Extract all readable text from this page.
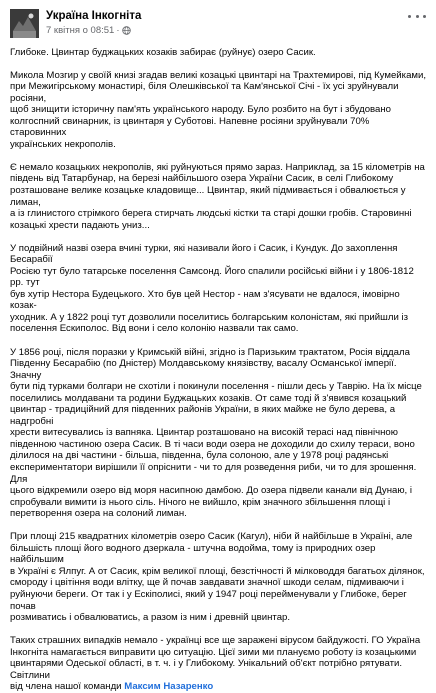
Україна Інкогніта
7 квітня о 08:51 ·

Глибоке. Цвинтар буджацьких козаків забирає (руйнує) озеро Сасик.

Микола Мозгир у своїй книзі згадав великі козацькі цвинтарі на Трахтемирові, під Кумейками,
при Межигірському монастирі, біля Олешківської та Кам'янської Січі - їх усі зруйнували росіяни,
щоб знищити історичну пам'ять українського народу. Було розбито на бут і збудовано
колгоспний свинарник, із цвинтаря у Суботові. Напевне росіяни зруйнували 70% старовинних
українських некрополів.

Є немало козацьких некрополів, які руйнуються прямо зараз. Наприклад, за 15 кілометрів на
південь від Татарбунар, на березі найбільшого озера України Сасик, в селі Глибокому
розташоване велике козацьке кладовище... Цвинтар, який підмивається і обвалюється у лиман,
а із глинистого стрімкого берега стирчать людські кістки та старі дошки гробів. Старовинні
козацькі хрести падають униз...

У подвійний назві озера вчині турки, які називали його і Сасик, і Кундук. До захоплення Бесарабії
Росією тут було татарське поселення Самсонд. Його спалили російські війни і у 1806-1812 рр. тут
був хутір Нестора Будецького. Хто був цей Нестор - нам з'ясувати не вдалося, імовірно козак-
уходник. А у 1822 році тут дозволили поселитись болгарським колоністам, які прийшли із
поселення Ескиполос. Від вони і село колонію назвали так само.

У 1856 році, після поразки у Кримській війні, згідно із Паризьким трактатом, Росія віддала
Південну Бесарабію (по Дністер) Молдавському князівству, васалу Османської імперії. Значну
бути під турками болгари не схотіли і покинули поселення - пішли десь у Таврію. На їх місце
поселились молдавани та родини Буджацьких козаків. От саме тоді й з'явився козацький
цвинтар - традиційний для південних районів України, в яких майже не було дерева, а надгробні
хрести витесувались із вапняка. Цвинтар розташовано на високій терасі над північною
південною частиною озера Сасик. В ті часи води озера не доходили до схилу тераси, воно
ділилося на дві частини - більша, південна, була солоною, але у 1978 році радянські
експериментатори вирішили її опріснити - чи то для розведення риби, чи то для зрошення. Для
цього відкремили озеро від моря насипною дамбою. До озера підвели канали від Дунаю, і
спробували вимити із нього сіль. Нічого не вийшло, крім значного збільшення площі і
перетворення озера на солоний лиман.

При площі 215 квадратних кілометрів озеро Сасик (Кагул), ніби й найбільше в Україні, але
більшість площі його водного дзеркала - штучна водойма, тому із природних озер найбільшим
в Україні є Ялпуг. А от Сасик, крім великої площі, безстічності й мілководдя багатьох ділянок,
смороду і цвітіння води влітку, ще й почав завдавати значної шкоди селам, підмиваючи і
руйнуючи береги. От так і у Ескіполисі, який у 1947 році перейменували у Глибоке, берег почав
розмиватись і обвалюватись, а разом із ним і древній цвинтар.

Таких страшних випадків немало - українці все ще заражені вірусом байдужості. ГО Україна
Інкогніта намагається виправити цю ситуацію. Цієї зими ми плануємо роботу із козацькими
цвинтарями Одеської області, в т. ч. і у Глибокому. Унікальний об'єкт потрібно рятувати. Світлини
від члена нашої команди Максим Назаренко
